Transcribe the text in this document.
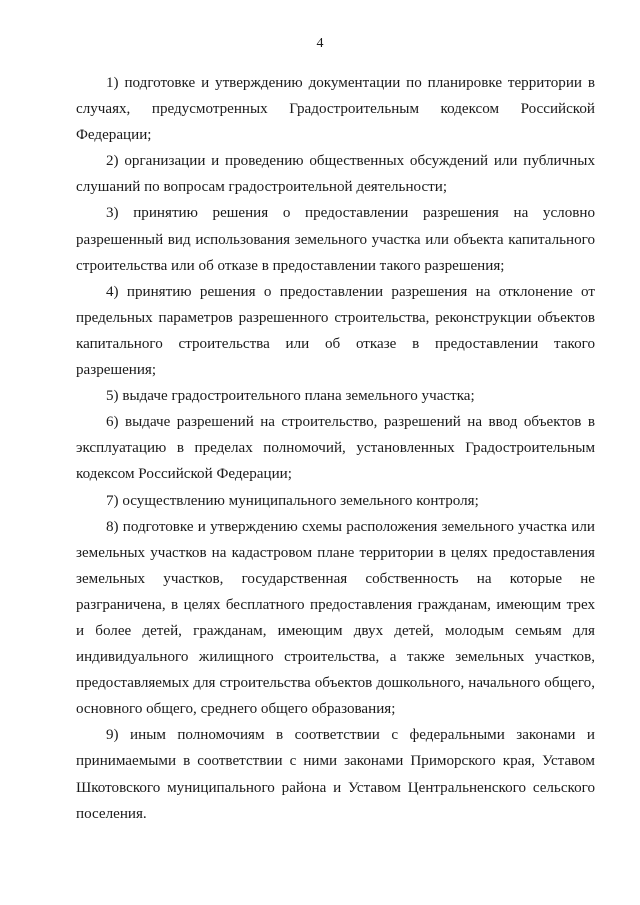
4

1) подготовке и утверждению документации по планировке территории в случаях, предусмотренных Градостроительным кодексом Российской Федерации;

2) организации и проведению общественных обсуждений или публичных слушаний по вопросам градостроительной деятельности;

3) принятию решения о предоставлении разрешения на условно разрешенный вид использования земельного участка или объекта капитального строительства или об отказе в предоставлении такого разрешения;

4) принятию решения о предоставлении разрешения на отклонение от предельных параметров разрешенного строительства, реконструкции объектов капитального строительства или об отказе в предоставлении такого разрешения;

5) выдаче градостроительного плана земельного участка;

6) выдаче разрешений на строительство, разрешений на ввод объектов в эксплуатацию в пределах полномочий, установленных Градостроительным кодексом Российской Федерации;

7) осуществлению муниципального земельного контроля;

8) подготовке и утверждению схемы расположения земельного участка или земельных участков на кадастровом плане территории в целях предоставления земельных участков, государственная собственность на которые не разграничена, в целях бесплатного предоставления гражданам, имеющим трех и более детей, гражданам, имеющим двух детей, молодым семьям для индивидуального жилищного строительства, а также земельных участков, предоставляемых для строительства объектов дошкольного, начального общего, основного общего, среднего общего образования;

9) иным полномочиям в соответствии с федеральными законами и принимаемыми в соответствии с ними законами Приморского края, Уставом Шкотовского муниципального района и Уставом Центральненского сельского поселения.
